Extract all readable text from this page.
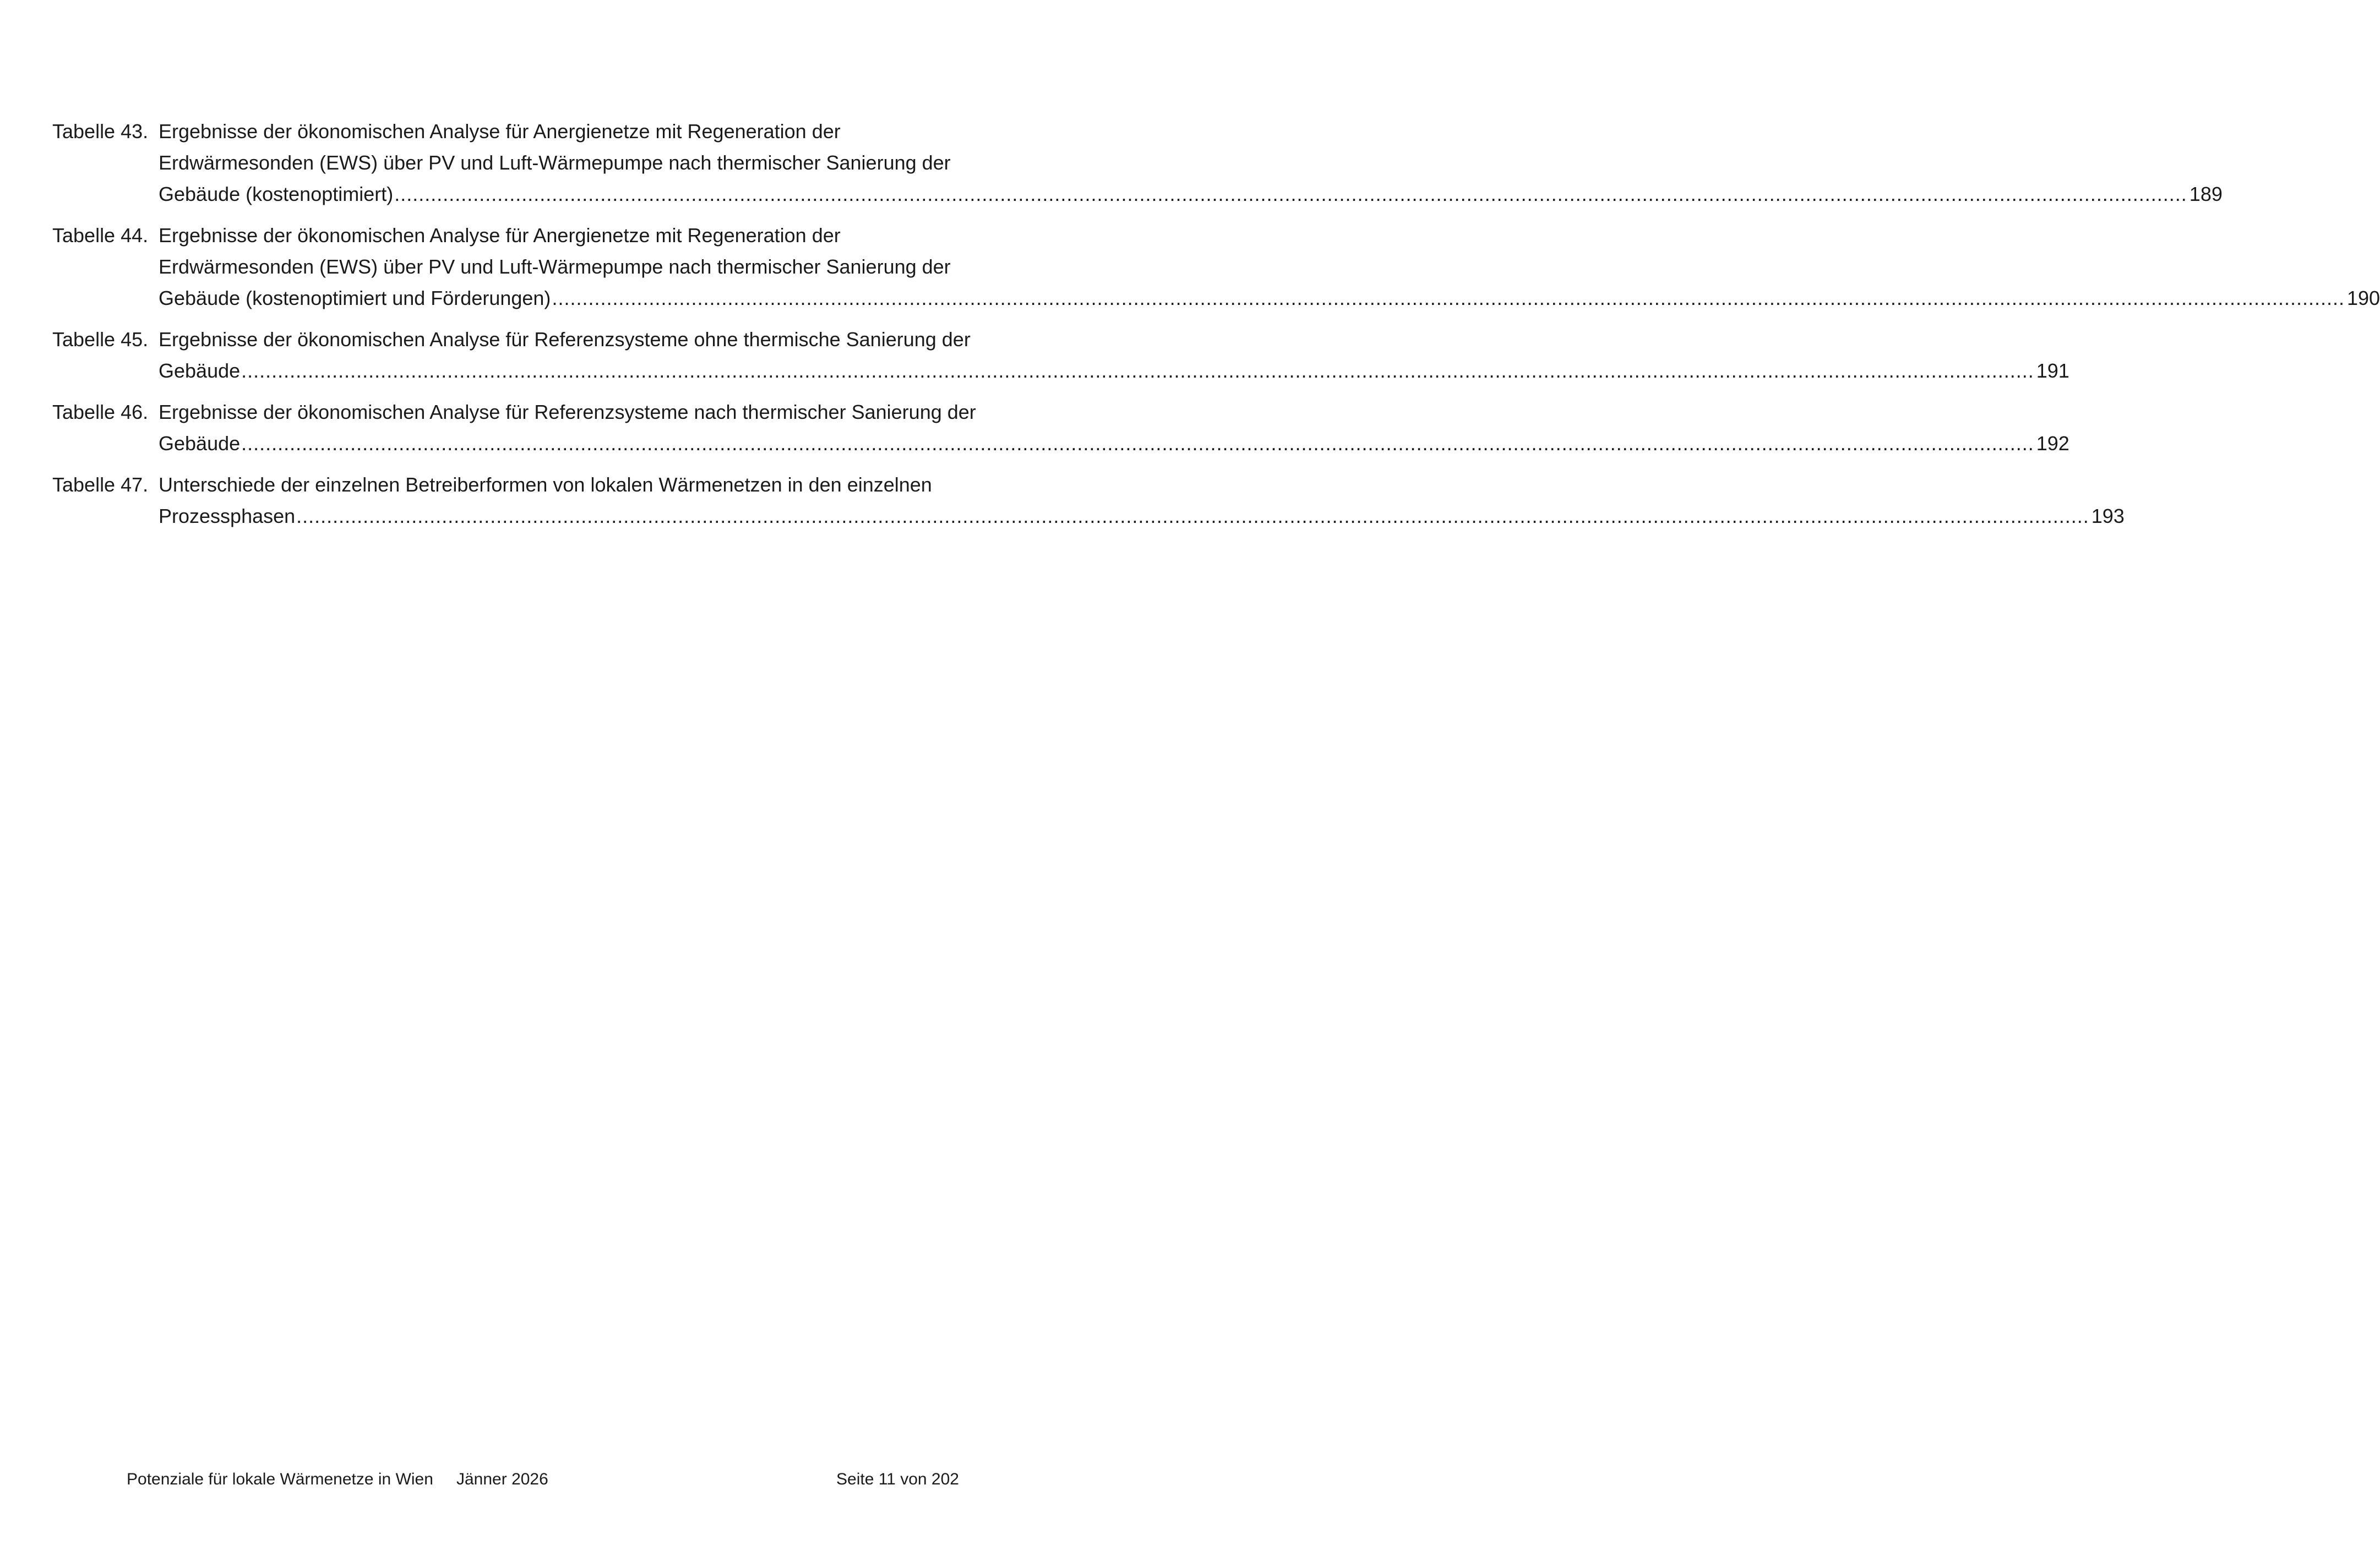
Tabelle 43. Ergebnisse der ökonomischen Analyse für Anergienetze mit Regeneration der
Erdwärmesonden (EWS) über PV und Luft-Wärmepumpe nach thermischer Sanierung der
Gebäude (kostenoptimiert) .....	189
Tabelle 44. Ergebnisse der ökonomischen Analyse für Anergienetze mit Regeneration der
Erdwärmesonden (EWS) über PV und Luft-Wärmepumpe nach thermischer Sanierung der
Gebäude (kostenoptimiert und Förderungen) .....	190
Tabelle 45. Ergebnisse der ökonomischen Analyse für Referenzsysteme ohne thermische Sanierung der
Gebäude .....	191
Tabelle 46. Ergebnisse der ökonomischen Analyse für Referenzsysteme nach thermischer Sanierung der
Gebäude .....	192
Tabelle 47. Unterschiede der einzelnen Betreiberformen von lokalen Wärmenetzen in den einzelnen
Prozessphasen .....	193
Potenziale für lokale Wärmenetze in Wien Jänner 2026	Seite 11 von 202
